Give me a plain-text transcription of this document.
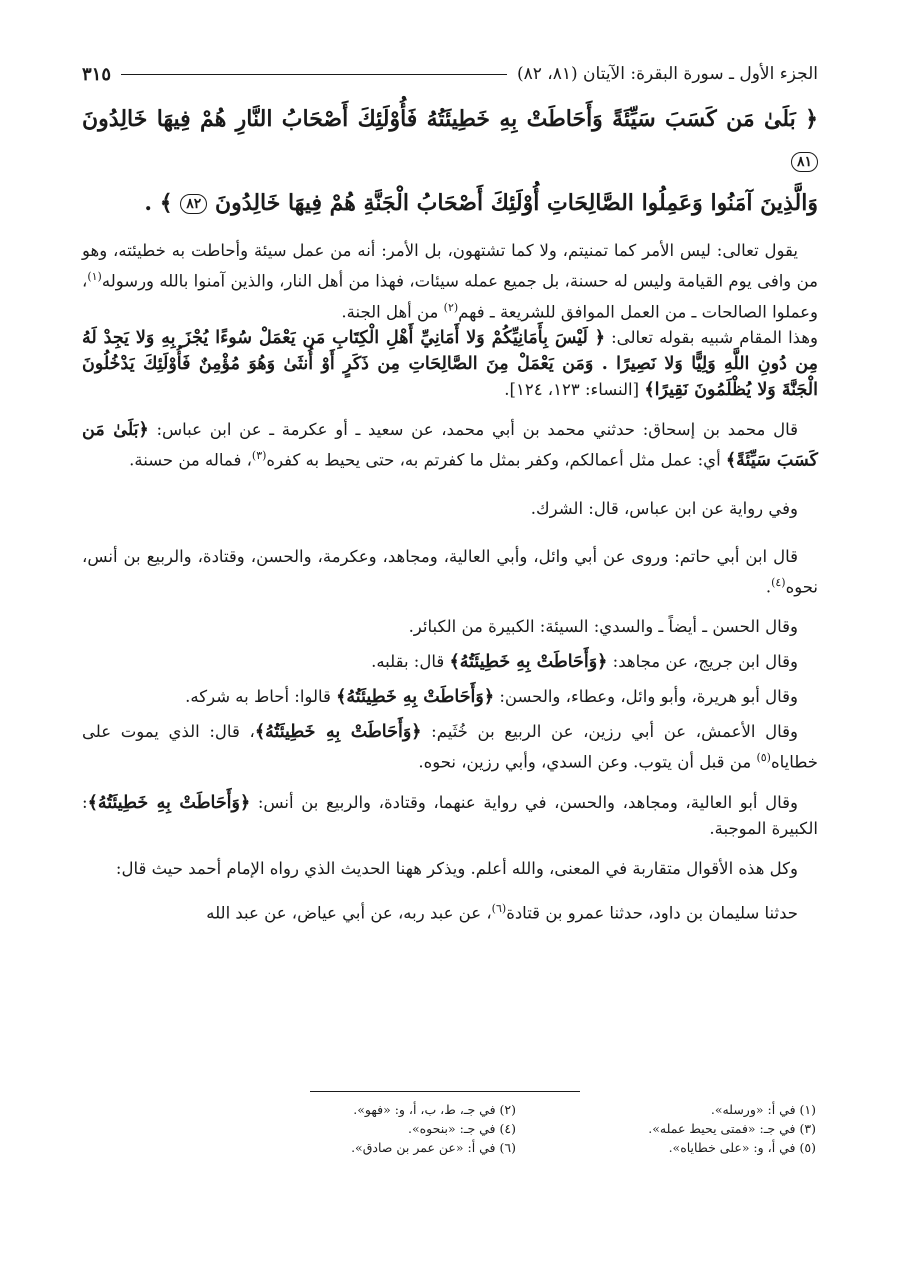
الجزء الأول ـ سورة البقرة: الآيتان (٨١، ٨٢)
٣١٥
﴿ بَلَىٰ مَن كَسَبَ سَيِّئَةً وَأَحَاطَتْ بِهِ خَطِيئَتُهُ فَأُوْلَئِكَ أَصْحَابُ النَّارِ هُمْ فِيهَا خَالِدُونَ ٨١
وَالَّذِينَ آمَنُوا وَعَمِلُوا الصَّالِحَاتِ أُوْلَئِكَ أَصْحَابُ الْجَنَّةِ هُمْ فِيهَا خَالِدُونَ ٨٢ ﴾ .

يقول تعالى: ليس الأمر كما تمنيتم، ولا كما تشتهون، بل الأمر: أنه من عمل سيئة وأحاطت به خطيئته، وهو من وافى يوم القيامة وليس له حسنة، بل جميع عمله سيئات، فهذا من أهل النار، والذين آمنوا بالله ورسوله$^{(١)}$، وعملوا الصالحات ـ من العمل الموافق للشريعة ـ فهم$^{(٢)}$ من أهل الجنة.

وهذا المقام شبيه بقوله تعالى: ﴿ لَيْسَ بِأَمَانِيِّكُمْ وَلا أَمَانِيِّ أَهْلِ الْكِتَابِ مَن يَعْمَلْ سُوءًا يُجْزَ بِهِ وَلا يَجِدْ لَهُ مِن دُونِ اللَّهِ وَلِيًّا وَلا نَصِيرًا . وَمَن يَعْمَلْ مِنَ الصَّالِحَاتِ مِن ذَكَرٍ أَوْ أُنثَىٰ وَهُوَ مُؤْمِنٌ فَأُوْلَئِكَ يَدْخُلُونَ الْجَنَّةَ وَلا يُظْلَمُونَ نَقِيرًا﴾ [النساء: ١٢٣، ١٢٤].

قال محمد بن إسحاق: حدثني محمد بن أبي محمد، عن سعيد ـ أو عكرمة ـ عن ابن عباس: ﴿بَلَىٰ مَن كَسَبَ سَيِّئَةً﴾ أي: عمل مثل أعمالكم، وكفر بمثل ما كفرتم به، حتى يحيط به كفره$^{(٣)}$، فماله من حسنة.

وفي رواية عن ابن عباس، قال: الشرك.

قال ابن أبي حاتم: وروى عن أبي وائل، وأبي العالية، ومجاهد، وعكرمة، والحسن، وقتادة، والربيع بن أنس، نحوه$^{(٤)}$.

وقال الحسن ـ أيضاً ـ والسدي: السيئة: الكبيرة من الكبائر.

وقال ابن جريج، عن مجاهد: ﴿وَأَحَاطَتْ بِهِ خَطِيئَتُهُ﴾ قال: بقلبه.

وقال أبو هريرة، وأبو وائل، وعطاء، والحسن: ﴿وَأَحَاطَتْ بِهِ خَطِيئَتُهُ﴾ قالوا: أحاط به شركه.

وقال الأعمش، عن أبي رزين، عن الربيع بن خُثَيم: ﴿وَأَحَاطَتْ بِهِ خَطِيئَتُهُ﴾، قال: الذي يموت على خطاياه$^{(٥)}$ من قبل أن يتوب. وعن السدي، وأبي رزين، نحوه.

وقال أبو العالية، ومجاهد، والحسن، في رواية عنهما، وقتادة، والربيع بن أنس: ﴿وَأَحَاطَتْ بِهِ خَطِيئَتُهُ﴾: الكبيرة الموجبة.

وكل هذه الأقوال متقاربة في المعنى، والله أعلم. ويذكر ههنا الحديث الذي رواه الإمام أحمد حيث قال:

حدثنا سليمان بن داود، حدثنا عمرو بن قتادة$^{(٦)}$، عن عبد ربه، عن أبي عياض، عن عبد الله

(١) في أ: «ورسله».
(٢) في جـ، ط، ب، أ، و: «فهو».
(٣) في جـ: «فمتى يحيط عمله».
(٤) في جـ: «بنحوه».
(٥) في أ، و: «على خطاياه».
(٦) في أ: «عن عمر بن صادق».
